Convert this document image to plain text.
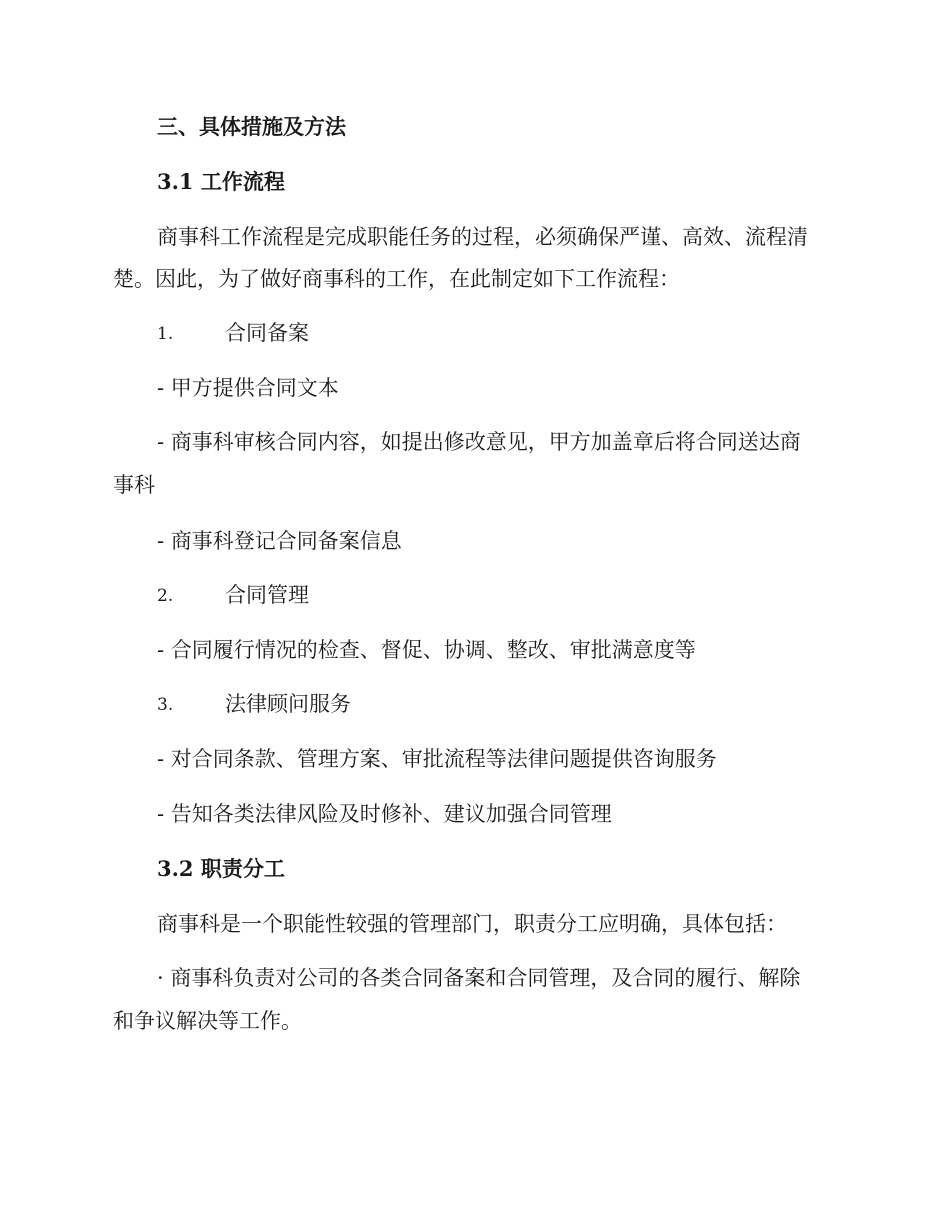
三、具体措施及方法
3.1 工作流程
商事科工作流程是完成职能任务的过程，必须确保严谨、高效、流程清
楚。因此，为了做好商事科的工作，在此制定如下工作流程：
1. 合同备案
- 甲方提供合同文本
- 商事科审核合同内容，如提出修改意见，甲方加盖章后将合同送达商
事科
- 商事科登记合同备案信息
2. 合同管理
- 合同履行情况的检查、督促、协调、整改、审批满意度等
3. 法律顾问服务
- 对合同条款、管理方案、审批流程等法律问题提供咨询服务
- 告知各类法律风险及时修补、建议加强合同管理
3.2 职责分工
商事科是一个职能性较强的管理部门，职责分工应明确，具体包括：
· 商事科负责对公司的各类合同备案和合同管理，及合同的履行、解除
和争议解决等工作。
